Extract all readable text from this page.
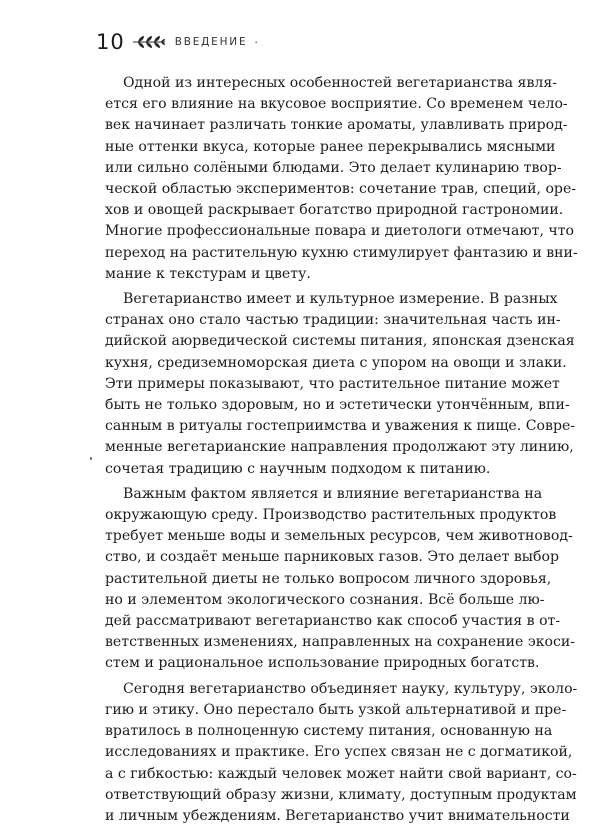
10	ВВЕДЕНИЕ ·

Одной из интересных особенностей вегетарианства явля-
ется его влияние на вкусовое восприятие. Со временем чело-
век начинает различать тонкие ароматы, улавливать природ-
ные оттенки вкуса, которые ранее перекрывались мясными
или сильно солёными блюдами. Это делает кулинарию твор-
ческой областью экспериментов: сочетание трав, специй, оре-
хов и овощей раскрывает богатство природной гастрономии.
Многие профессиональные повара и диетологи отмечают, что
переход на растительную кухню стимулирует фантазию и вни-
мание к текстурам и цвету.

Вегетарианство имеет и культурное измерение. В разных
странах оно стало частью традиции: значительная часть ин-
дийской аюрведической системы питания, японская дзенская
кухня, средиземноморская диета с упором на овощи и злаки.
Эти примеры показывают, что растительное питание может
быть не только здоровым, но и эстетически утончённым, впи-
санным в ритуалы гостеприимства и уважения к пище. Совре-
менные вегетарианские направления продолжают эту линию,
сочетая традицию с научным подходом к питанию.

Важным фактом является и влияние вегетарианства на
окружающую среду. Производство растительных продуктов
требует меньше воды и земельных ресурсов, чем животновод-
ство, и создаёт меньше парниковых газов. Это делает выбор
растительной диеты не только вопросом личного здоровья,
но и элементом экологического сознания. Всё больше лю-
дей рассматривают вегетарианство как способ участия в от-
ветственных изменениях, направленных на сохранение экоси-
стем и рациональное использование природных богатств.

Сегодня вегетарианство объединяет науку, культуру, эколо-
гию и этику. Оно перестало быть узкой альтернативой и пре-
вратилось в полноценную систему питания, основанную на
исследованиях и практике. Его успех связан не с догматикой,
а с гибкостью: каждый человек может найти свой вариант, со-
ответствующий образу жизни, климату, доступным продуктам
и личным убеждениям. Вегетарианство учит внимательности
